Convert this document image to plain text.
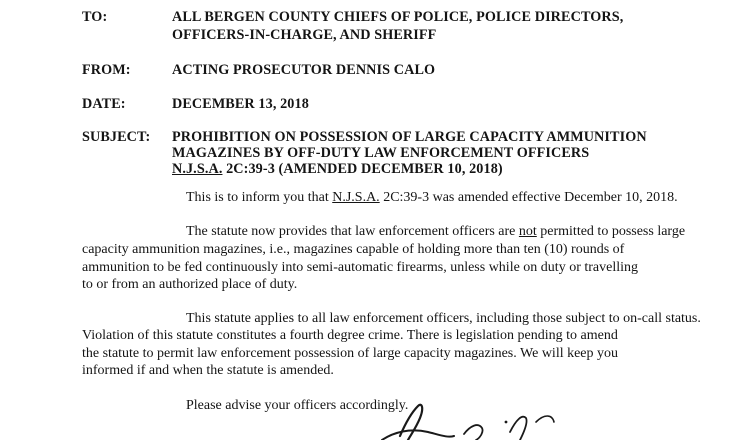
TO:	ALL BERGEN COUNTY CHIEFS OF POLICE, POLICE DIRECTORS,
OFFICERS-IN-CHARGE, AND SHERIFF
FROM:	ACTING PROSECUTOR DENNIS CALO
DATE:	DECEMBER 13, 2018
SUBJECT: PROHIBITION ON POSSESSION OF LARGE CAPACITY AMMUNITION
MAGAZINES BY OFF-DUTY LAW ENFORCEMENT OFFICERS
N.J.S.A. 2C:39-3 (AMENDED DECEMBER 10, 2018)
This is to inform you that N.J.S.A. 2C:39-3 was amended effective December 10, 2018.
The statute now provides that law enforcement officers are not permitted to possess large
capacity ammunition magazines, i.e., magazines capable of holding more than ten (10) rounds of
ammunition to be fed continuously into semi-automatic firearms, unless while on duty or travelling
to or from an authorized place of duty.
This statute applies to all law enforcement officers, including those subject to on-call status.
Violation of this statute constitutes a fourth degree crime. There is legislation pending to amend
the statute to permit law enforcement possession of large capacity magazines. We will keep you
informed if and when the statute is amended.
Please advise your officers accordingly.
